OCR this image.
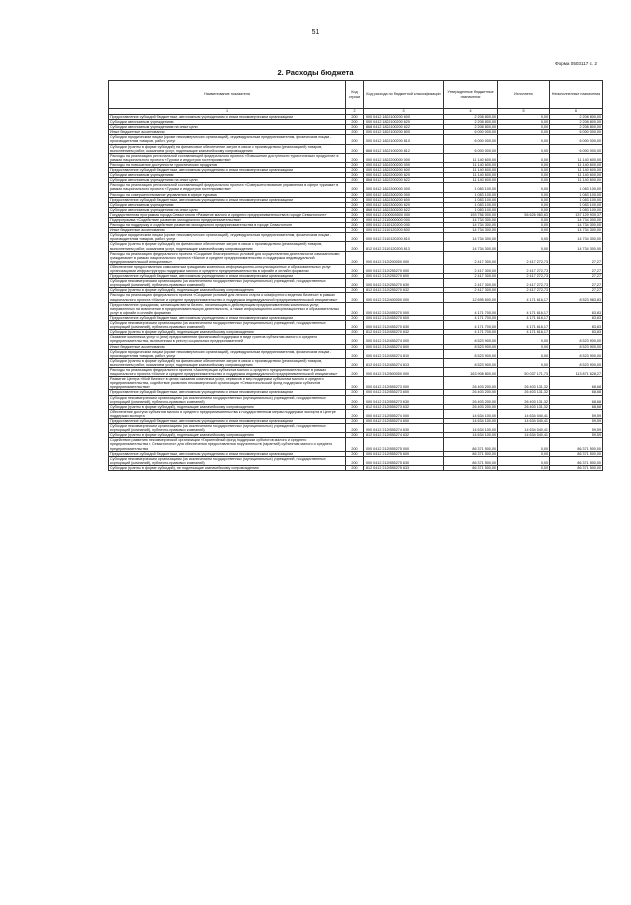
51
Форма 0503117 с. 2
2. Расходы бюджета
Наименование показателя	Код строки	Код расхода по бюджетной классификации	Утвержденные бюджетные назначения	Исполнено	Неисполненные назначения
1	2	3	4	5	6
Предоставление субсидий бюджетным, автономным учреждениям и иным некоммерческим организациям	200	000 0412 182J100200 600	2 208 800,00	0,00	2 208 800,00
Субсидии автономным учреждениям	200	000 0412 182J100200 620	2 208 800,00	0,00	2 208 800,00
Субсидии автономным учреждениям на иные цели	200	868 0412 182J100200 622	2 208 800,00	0,00	2 208 800,00
Иные бюджетные ассигнования	200	000 0412 182J100200 800	6 000 000,00	0,00	6 000 000,00
Субсидии юридическим лицам (кроме некоммерческих организаций), индивидуальным предпринимателям, физическим лицам - производителям товаров, работ, услуг	200	000 0412 182J100200 810	6 000 000,00	0,00	6 000 000,00
Субсидии (гранты в форме субсидий) на финансовое обеспечение затрат в связи с производством (реализацией) товаров, выполнением работ, оказанием услуг, подлежащие казначейскому сопровождению	200	868 0412 182J100200 812	6 000 000,00	0,00	6 000 000,00
Расходы на реализацию региональной составляющей федерального проекта «Повышение доступности туристических продуктов» в рамках национального проекта «Туризм и индустрия гостеприимства»	200	000 0412 182J200000 000	11 140 600,00	0,00	11 140 600,00
Расходы на повышение доступности туристических продуктов	200	000 0412 182J200200 000	11 140 600,00	0,00	11 140 600,00
Предоставление субсидий бюджетным, автономным учреждениям и иным некоммерческим организациям	200	000 0412 182J200200 600	11 140 600,00	0,00	11 140 600,00
Субсидии автономным учреждениям	200	000 0412 182J200200 620	11 140 600,00	0,00	11 140 600,00
Субсидии автономным учреждениям на иные цели	200	868 0412 182J200200 622	11 140 600,00	0,00	11 140 600,00
Расходы на реализацию региональной составляющей федерального проекта «Совершенствование управления в сфере туризма» в рамках национального проекта «Туризм и индустрия гостеприимства»	200	000 0412 182J300000 000	1 083 100,00	0,00	1 083 100,00
Расходы на совершенствование управления в сфере туризма	200	000 0412 182J300200 000	1 083 100,00	0,00	1 083 100,00
Предоставление субсидий бюджетным, автономным учреждениям и иным некоммерческим организациям	200	000 0412 182J300200 600	1 083 100,00	0,00	1 083 100,00
Субсидии автономным учреждениям	200	000 0412 182J300200 620	1 083 100,00	0,00	1 083 100,00
Субсидии автономным учреждениям на иные цели	200	868 0412 182J300200 622	1 083 100,00	0,00	1 083 100,00
Государственная программа города Севастополя «Развитие малого и среднего предпринимательства в городе Севастополе»	200	000 0412 2100000000 000	193 756 000,00	56 626 060,63	137 129 939,37
Подпрограмма «Содействие развитию молодежного предпринимательства»	200	000 0412 2110000000 000	14 734 300,00	0,00	14 734 300,00
Расходы на поддержку и содействие развитию молодежного предпринимательства в городе Севастополе	200	000 0412 2110120200 000	14 734 300,00	0,00	14 734 300,00
Иные бюджетные ассигнования	200	000 0412 2110120200 800	14 734 300,00	0,00	14 734 300,00
Субсидии юридическим лицам (кроме некоммерческих организаций), индивидуальным предпринимателям, физическим лицам - производителям товаров, работ, услуг	200	000 0412 2110120200 810	14 734 300,00	0,00	14 734 300,00
Субсидии (гранты в форме субсидий) на финансовое обеспечение затрат в связи с производством (реализацией) товаров, выполнением работ, оказанием услуг, подлежащие казначейскому сопровождению	200	812 0412 2110120200 813	14 734 300,00	0,00	14 734 300,00
Расходы на реализацию федерального проекта «Создание благоприятных условий для осуществления деятельности самозанятыми гражданами» в рамках национального проекта «Малое и среднее предпринимательство и поддержка индивидуальной предпринимательской инициативы»	200	000 0412 212I200000 000	2 417 300,00	2 417 272,73	27,27
Обеспечение предоставления самозанятым гражданам комплекса информационно-консультационных и образовательных услуг организациями инфраструктуры поддержки малого и среднего предпринимательства в офлайн и онлайн форматах	200	000 0412 212I255270 000	2 417 300,00	2 417 272,73	27,27
Предоставление субсидий бюджетным, автономным учреждениям и иным некоммерческим организациям	200	000 0412 212I255270 600	2 417 300,00	2 417 272,73	27,27
Субсидии некоммерческим организациям (за исключением государственных (муниципальных) учреждений, государственных корпораций (компаний), публично-правовых компаний)	200	000 0412 212I255270 630	2 417 300,00	2 417 272,73	27,27
Субсидии (гранты в форме субсидий), подлежащие казначейскому сопровождению	200	812 0412 212I255270 632	2 417 300,00	2 417 272,73	27,27
Расходы на реализацию федерального проекта «Создание условий для легкого старта и комфортного ведения бизнеса» в рамках национального проекта «Малое и среднее предпринимательство и поддержка индивидуальной предпринимательской инициативы»	200	000 0412 212I400000 000	12 695 600,00	4 171 616,17	8 523 983,83
Предоставление гражданам, желающим вести бизнес, начинающим и действующим предпринимателям комплекса услуг, направленных на вовлечение в предпринимательскую деятельность, а также информационно-консультационных и образовательных услуг в офлайн и онлайн форматах	200	000 0412 212I455270 000	4 171 700,00	4 171 616,17	83,83
Предоставление субсидий бюджетным, автономным учреждениям и иным некоммерческим организациям	200	000 0412 212I455270 600	4 171 700,00	4 171 616,17	83,83
Субсидии некоммерческим организациям (за исключением государственных (муниципальных) учреждений, государственных корпораций (компаний), публично-правовых компаний)	200	000 0412 212I455270 630	4 171 700,00	4 171 616,17	83,83
Субсидии (гранты в форме субсидий), подлежащие казначейскому сопровождению	200	812 0412 212I455270 632	4 171 700,00	4 171 616,17	83,83
Оказание комплекса услуг и (или) предоставление финансовой поддержки в виде грантов субъектам малого и среднего предпринимательства, включенным в реестр социальных предпринимателей	200	000 0412 212I455274 000	8 523 900,00	0,00	8 523 900,00
Иные бюджетные ассигнования	200	000 0412 212I455274 800	8 523 900,00	0,00	8 523 900,00
Субсидии юридическим лицам (кроме некоммерческих организаций), индивидуальным предпринимателям, физическим лицам - производителям товаров, работ, услуг	200	000 0412 212I455274 810	8 523 900,00	0,00	8 523 900,00
Субсидии (гранты в форме субсидий) на финансовое обеспечение затрат в связи с производством (реализацией) товаров, выполнением работ, оказанием услуг, подлежащие казначейскому сопровождению	200	812 0412 212I455274 813	8 523 900,00	0,00	8 523 900,00
Расходы на реализацию федерального проекта «Акселерация субъектов малого и среднего предпринимательства» в рамках национального проекта «Малое и среднее предпринимательство и поддержка индивидуальной предпринимательской инициативы»	200	000 0412 212I500000 000	163 908 800,00	50 037 171,73	113 871 628,27
Развитие Центра «Мой бизнес» в целях оказания комплекса услуг, сервисов и мер поддержки субъектам малого и среднего предпринимательства, содействие развитию некоммерческой организации «Севастопольский фонд поддержки субъектов предпринимательства»	200	000 0412 212I555273 000	26 403 200,00	26 403 131,32	68,68
Предоставление субсидий бюджетным, автономным учреждениям и иным некоммерческим организациям	200	000 0412 212I555273 600	26 403 200,00	26 403 131,32	68,68
Субсидии некоммерческим организациям (за исключением государственных (муниципальных) учреждений, государственных корпораций (компаний), публично-правовых компаний)	200	000 0412 212I555273 630	26 403 200,00	26 403 131,32	68,68
Субсидии (гранты в форме субсидий), подлежащие казначейскому сопровождению	200	812 0412 212I555273 632	26 403 200,00	26 403 131,32	68,68
Обеспечение доступа субъектов малого и среднего предпринимательства к государственным мерам поддержки экспорта в Центре поддержки экспорта	200	000 0412 212I555274 000	14 634 100,00	14 634 040,41	59,59
Предоставление субсидий бюджетным, автономным учреждениям и иным некоммерческим организациям	200	000 0412 212I555274 600	14 634 100,00	14 634 040,41	59,59
Субсидии некоммерческим организациям (за исключением государственных (муниципальных) учреждений, государственных корпораций (компаний), публично-правовых компаний)	200	000 0412 212I555274 630	14 634 100,00	14 634 040,41	59,59
Субсидии (гранты в форме субсидий), подлежащие казначейскому сопровождению	200	812 0412 212I555274 632	14 634 100,00	14 634 040,41	59,59
Содействие развитию некоммерческой организации «Гарантийный фонд поддержки субъектов малого и среднего предпринимательства г. Севастополя» для обеспечения предоставления поручительств (гарантий) субъектам малого и среднего предпринимательства	200	000 0412 212I555275 000	86 371 500,00	0,00	86 371 500,00
Предоставление субсидий бюджетным, автономным учреждениям и иным некоммерческим организациям	200	000 0412 212I555275 600	86 371 500,00	0,00	86 371 500,00
Субсидии некоммерческим организациям (за исключением государственных (муниципальных) учреждений, государственных корпораций (компаний), публично-правовых компаний)	200	000 0412 212I555275 630	86 371 500,00	0,00	86 371 500,00
Субсидии (гранты в форме субсидий), не подлежащие казначейскому сопровождению	200	812 0412 212I555275 633	86 371 500,00	0,00	86 371 500,00
